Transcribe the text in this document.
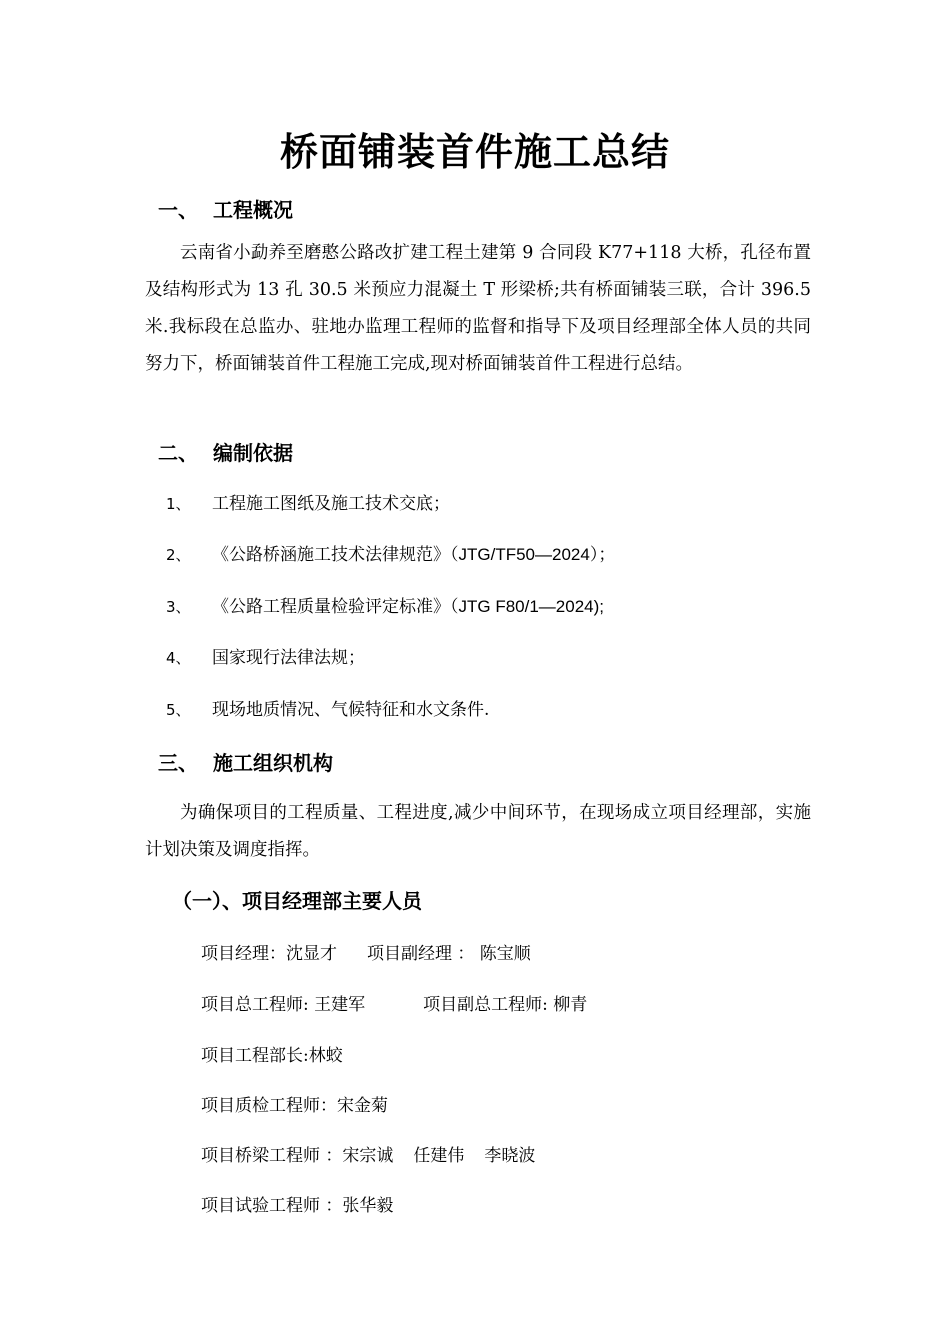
桥面铺装首件施工总结
一、 工程概况
云南省小勐养至磨憨公路改扩建工程土建第 9 合同段 K77+118 大桥，孔径布置及结构形式为 13 孔 30.5 米预应力混凝土 T 形梁桥;共有桥面铺装三联，合计 396.5 米.我标段在总监办、驻地办监理工程师的监督和指导下及项目经理部全体人员的共同努力下，桥面铺装首件工程施工完成,现对桥面铺装首件工程进行总结。
二、 编制依据
1、 工程施工图纸及施工技术交底；
2、 《公路桥涵施工技术法律规范》（JTG/TF50—2024）；
3、 《公路工程质量检验评定标准》（JTG F80/1—2024);
4、 国家现行法律法规；
5、 现场地质情况、气候特征和水文条件.
三、 施工组织机构
为确保项目的工程质量、工程进度,减少中间环节，在现场成立项目经理部，实施计划决策及调度指挥。
（一）、项目经理部主要人员
项目经理：沈显才 项目副经理 ： 陈宝顺
项目总工程师: 王建军	项目副总工程师: 柳青
项目工程部长:林蛟
项目质检工程师：宋金菊
项目桥梁工程师 ：宋宗诚 任建伟 李晓波
项目试验工程师 ：张华毅
